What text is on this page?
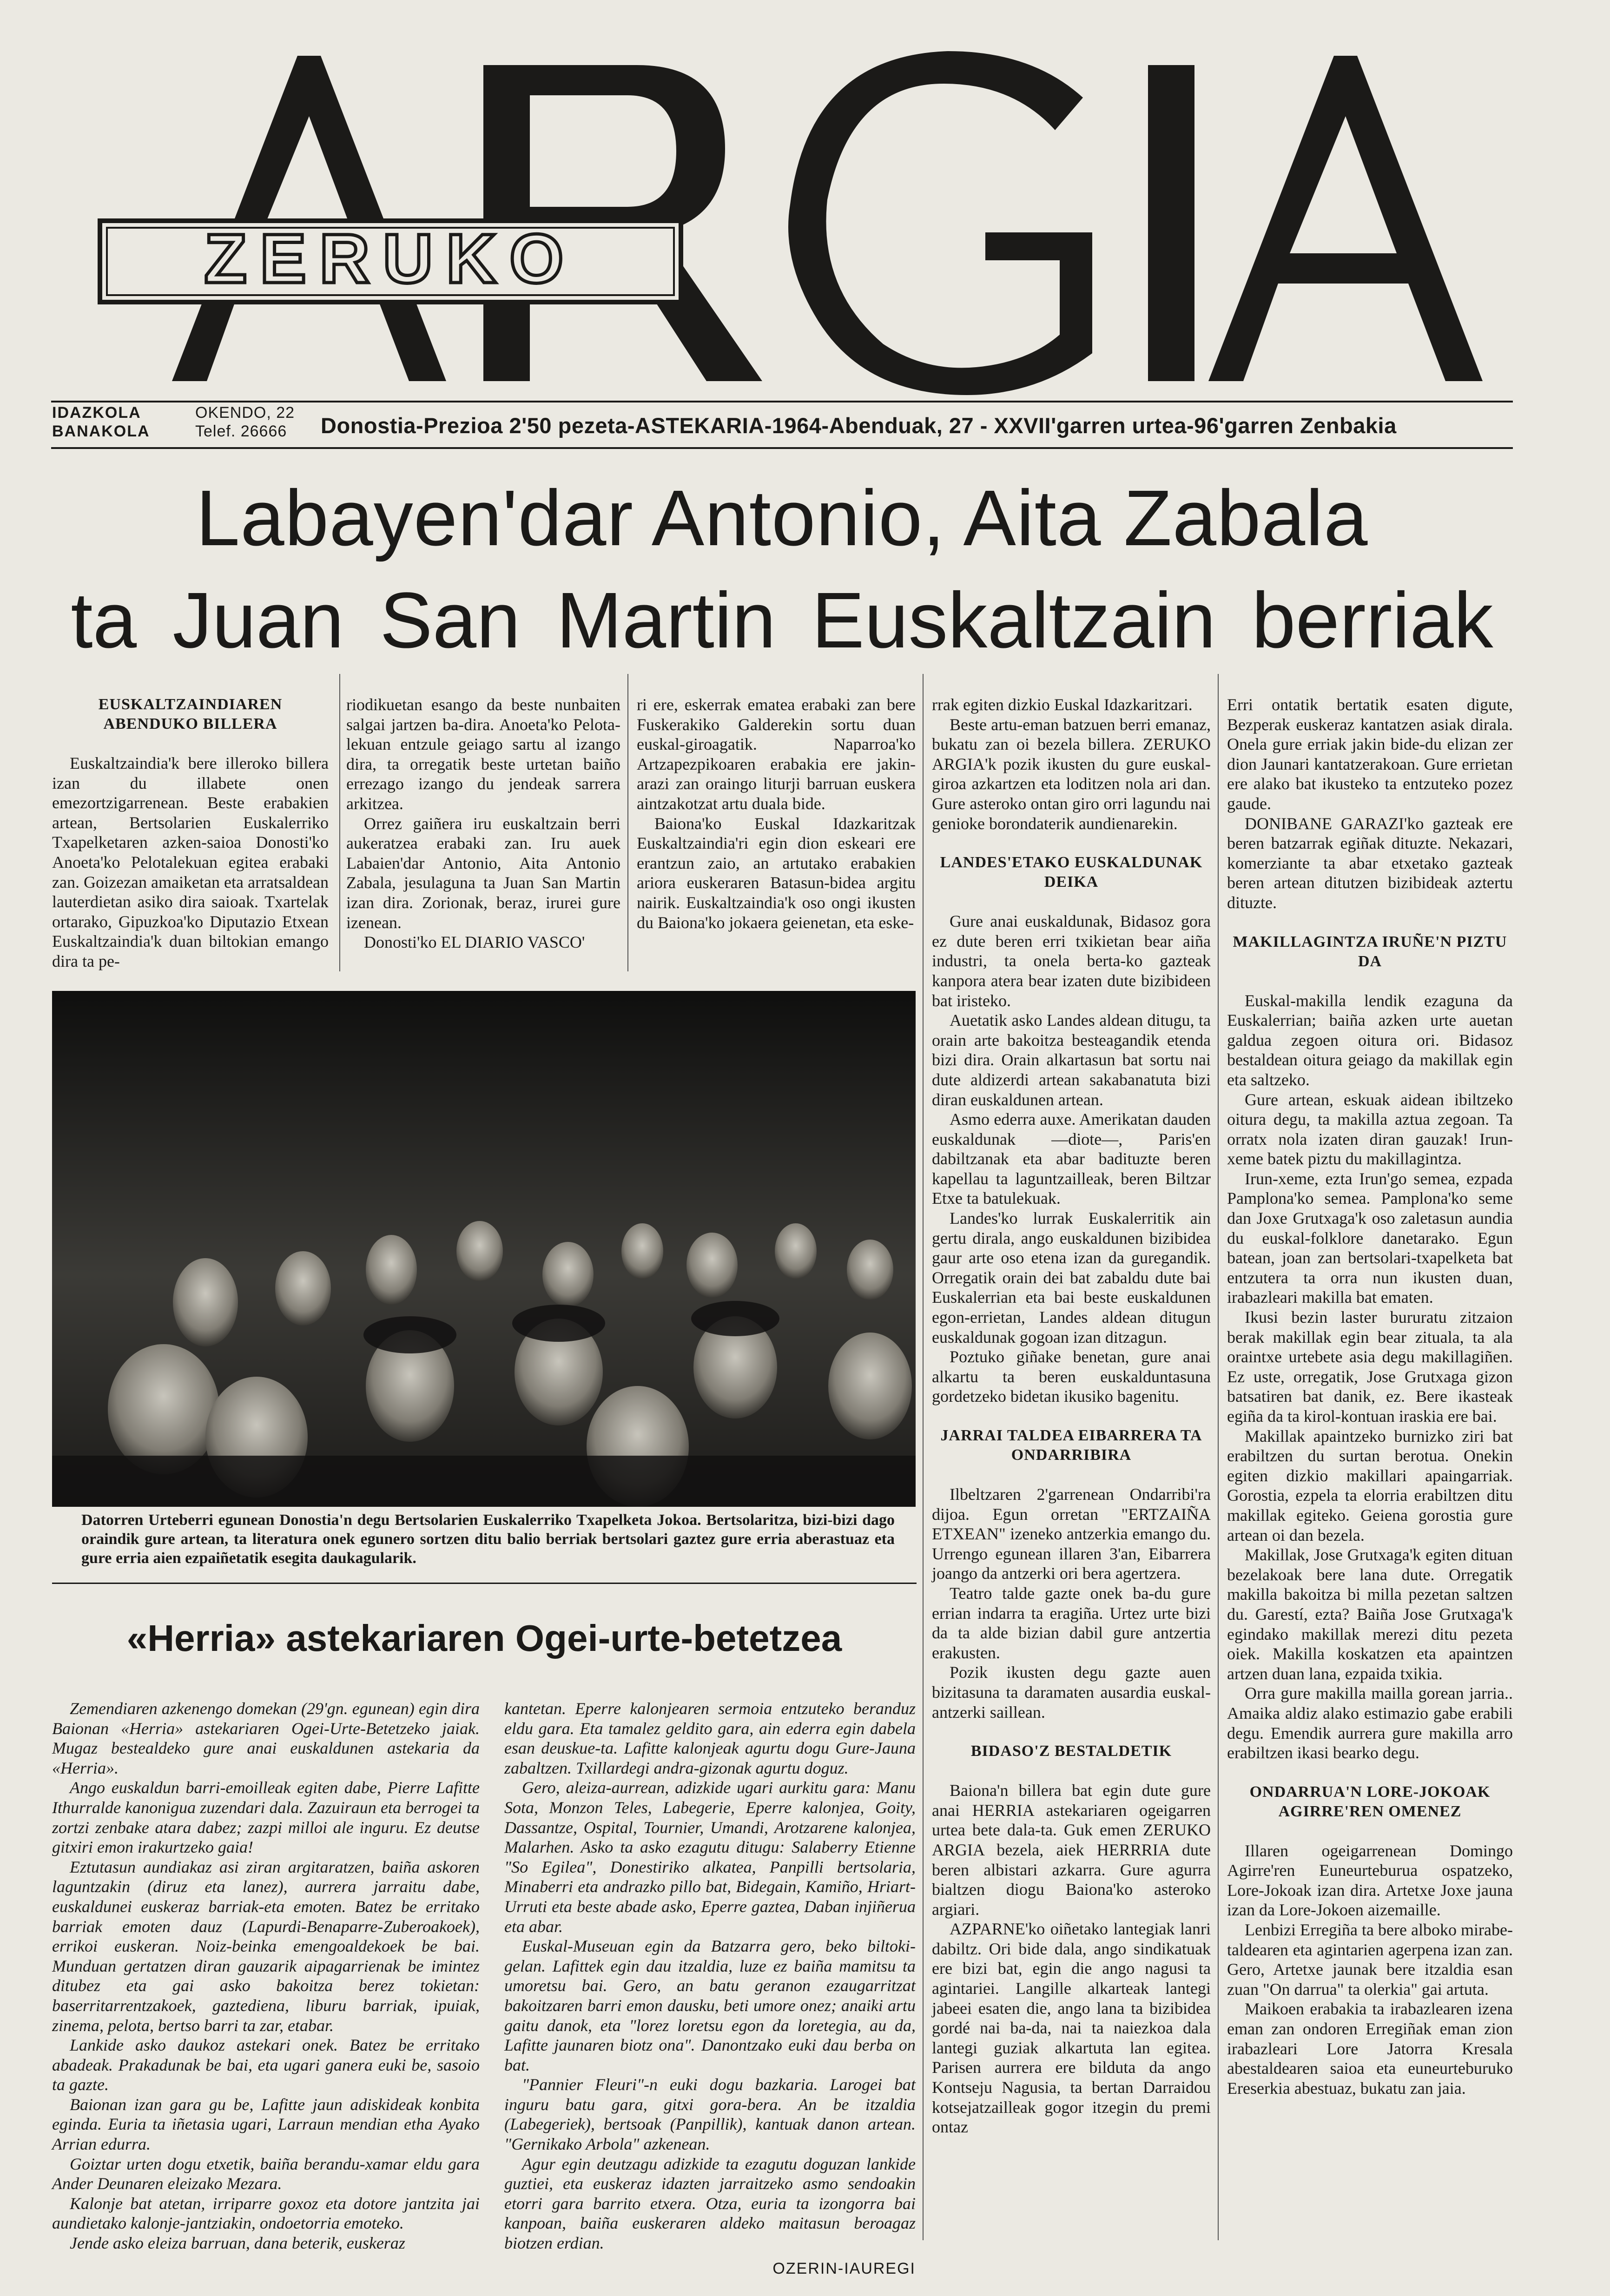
ZERUKO
IDAZKOLA
BANAKOLA
OKENDO, 22
Telef. 26666	Donostia-Prezioa 2'50 pezeta-ASTEKARIA-1964-Abenduak, 27 - XXVII'garren urtea-96'garren Zenbakia
Labayen'dar Antonio, Aita Zabala
ta Juan San Martin Euskaltzain berriak
EUSKALTZAINDIAREN ABENDUKO BILLERA

Euskaltzaindia'k bere illeroko billera izan du illabete onen emezortzigarrenean. Beste erabakien artean, Bertsolarien Euskalerriko Txapelketaren azken-saioa Donosti'ko Anoeta'ko Pelotalekuan egitea erabaki zan. Goizezan amaiketan eta arratsaldean lauterdietan asiko dira saioak. Txartelak ortarako, Gipuzkoa'ko Diputazio Etxean Euskaltzaindia'k duan biltokian emango dira ta pe-

riodikuetan esango da beste nunbaiten salgai jartzen ba-dira. Anoeta'ko Pelota-lekuan entzule geiago sartu al izango dira, ta orregatik beste urtetan baiño errezago izango du jendeak sarrera arkitzea.

Orrez gaiñera iru euskaltzain berri aukeratzea erabaki zan. Iru auek Labaien'dar Antonio, Aita Antonio Zabala, jesulaguna ta Juan San Martin izan dira. Zorionak, beraz, irurei gure izenean.

Donosti'ko EL DIARIO VASCO'

ri ere, eskerrak ematea erabaki zan bere Fuskerakiko Galderekin sortu duan euskal-giroagatik. Naparroa'ko Artzapezpikoaren erabakia ere jakin-arazi zan oraingo liturji barruan euskera aintzakotzat artu duala bide.

Baiona'ko Euskal Idazkaritzak Euskaltzaindia'ri egin dion eskeari ere erantzun zaio, an artutako erabakien ariora euskeraren Batasun-bidea argitu nairik. Euskaltzaindia'k oso ongi ikusten du Baiona'ko jokaera geienetan, eta eske-

Datorren Urteberri egunean Donostia'n degu Bertsolarien Euskalerriko Txapelketa Jokoa. Bertsolaritza, bizi-bizi dago oraindik gure artean, ta literatura onek egunero sortzen ditu balio berriak bertsolari gaztez gure erria aberastuaz eta gure erria aien ezpaiñetatik esegita daukagularik.
«Herria» astekariaren Ogei-urte-betetzea

Zemendiaren azkenengo domekan (29'gn. egunean) egin dira Baionan «Herria» astekariaren Ogei-Urte-Betetzeko jaiak. Mugaz bestealdeko gure anai euskaldunen astekaria da «Herria».

Ango euskaldun barri-emoilleak egiten dabe, Pierre Lafitte Ithurralde kanoniguа zuzendari dala. Zazuiraun eta berrogei ta zortzi zenbake atara dabez; zazpi milloi ale inguru. Ez deutse gitxiri emon irakurtzeko gaia!

Eztutasun aundiakaz asi ziran argitaratzen, baiña askoren laguntzakin (diruz eta lanez), aurrera jarraitu dabe, euskaldunei euskeraz barriak-eta emoten. Batez be erritako barriak emoten dauz (Lapurdi-Benaparre-Zuberoakoek), errikoi euskeran. Noiz-beinka emengoaldekoek be bai. Munduan gertatzen diran gauzarik aipagarrienak be imintez ditubez eta gai asko bakoitza berez tokietan: baserritarrentzakoek, gaztediena, liburu barriak, ipuiak, zinema, pelota, bertso barri ta zar, etabar.

Lankide asko daukoz astekari onek. Batez be erritako abadeak. Prakadunak be bai, eta ugari ganera euki be, sasoio ta gazte.

Baionan izan gara gu be, Lafitte jaun adiskideak konbita eginda. Euria ta iñetasia ugari, Larraun mendian etha Ayako Arrian edurra.

Goiztar urten dogu etxetik, baiña berandu-xamar eldu gara Ander Deunaren eleizako Mezara.

Kalonje bat atetan, irriparre goxoz eta dotore jantzita jai aundietako kalonje-jantziakin, ondoetorria emoteko.

Jende asko eleiza barruan, dana beterik, euskeraz

kantetan. Eperre kalonjearen sermoia entzuteko beranduz eldu gara. Eta tamalez geldito gara, ain ederra egin dabela esan deuskue-ta. Lafitte kalonjeak agurtu dogu Gure-Jauna zabaltzen. Txillardegi andra-gizonak agurtu doguz.

Gero, aleiza-aurrean, adizkide ugari aurkitu gara: Manu Sota, Monzon Teles, Labegerie, Eperre kalonjea, Goity, Dassantze, Ospital, Tournier, Umandi, Arotzarene kalonjea, Malarhen. Asko ta asko ezagutu ditugu: Salaberry Etienne "So Egilea", Donestiriko alkatea, Panpilli bertsolaria, Minaberri eta andrazko pillo bat, Bidegain, Kamiño, Hriart-Urruti eta beste abade asko, Eperre gaztea, Daban injiñerua eta abar.

Euskal-Museuan egin da Batzarra gero, beko biltoki-gelan. Lafittek egin dau itzaldia, luze ez baiña mamitsu ta umoretsu bai. Gero, an batu geranon ezaugarritzat bakoitzaren barri emon dausku, beti umore onez; anaiki artu gaitu danok, eta "lorez loretsu egon da loretegia, au da, Lafitte jaunaren biotz ona". Danontzako euki dau berba on bat.

"Pannier Fleuri"-n euki dogu bazkaria. Larogei bat inguru batu gara, gitxi gora-bera. An be itzaldia (Labegeriek), bertsoak (Panpillik), kantuak danon artean. "Gernikako Arbola" azkenean.

Agur egin deutzagu adizkide ta ezagutu doguzan lankide guztiei, eta euskeraz idazten jarraitzeko asmo sendoakin etorri gara barrito etxera. Otza, euria ta izongorra bai kanpoan, baiña euskeraren aldeko maitasun beroagaz biotzen erdian.

OZERIN-IAUREGI

rrak egiten dizkio Euskal Idazkaritzari.

Beste artu-eman batzuen berri emanaz, bukatu zan oi bezela billera. ZERUKO ARGIA'k pozik ikusten du gure euskal-giroa azkartzen eta loditzen nola ari dan. Gure asteroko ontan giro orri lagundu nai genioke borondaterik aundienarekin.

LANDES'ETAKO EUSKALDUNAK DEIKA

Gure anai euskaldunak, Bidasoz gora ez dute beren erri txikietan bear aiña industri, ta onela berta-ko gazteak kanpora atera bear izaten dute bizibideen bat iristeko.

Auetatik asko Landes aldean ditugu, ta orain arte bakoitza besteagandik etenda bizi dira. Orain alkartasun bat sortu nai dute aldizerdi artean sakabanatuta bizi diran euskaldunen artean.

Asmo ederra auxe. Amerikatan dauden euskaldunak —diote—, Paris'en dabiltzanak eta abar badituzte beren kapellau ta laguntzailleak, beren Biltzar Etxe ta batulekuak.

Landes'ko lurrak Euskalerritik ain gertu dirala, ango euskaldunen bizibidea gaur arte oso etena izan da guregandik. Orregatik orain dei bat zabaldu dute bai Euskalerrian eta bai beste euskaldunen egon-errietan, Landes aldean ditugun euskaldunak gogoan izan ditzagun.

Poztuko giñake benetan, gure anai alkartu ta beren euskalduntasuna gordetzeko bidetan ikusiko bagenitu.

JARRAI TALDEA EIBARRERA TA ONDARRIBIRA

Ilbeltzaren 2'garrenean Ondarribi'ra dijoa. Egun orretan "ERTZAIÑA ETXEAN" izeneko antzerkia emango du. Urrengo egunean illaren 3'an, Eibarrera joango da antzerki ori bera agertzera.

Teatro talde gazte onek ba-du gure errian indarra ta eragiña. Urtez urte bizi da ta alde bizian dabil gure antzertia erakusten.

Pozik ikusten degu gazte auen bizitasuna ta daramaten ausardia euskal-antzerki saillean.

BIDASO'Z BESTALDETIK

Baiona'n billera bat egin dute gure anai HERRIA astekariaren ogeigarren urtea bete dala-ta. Guk emen ZERUKO ARGIA bezela, aiek HERRRIA dute beren albistari azkarra. Gure agurra bialtzen diogu Baiona'ko asteroko argiari.

AZPARNE'ko oiñetako lantegiak lanri dabiltz. Ori bide dala, ango sindikatuak ere bizi bat, egin die ango nagusi ta agintariei. Langille alkarteak lantegi jabeei esaten die, ango lana ta bizibidea gordé nai ba-da, nai ta naiezkoa dala lantegi guziak alkartuta lan egitea. Parisen aurrera ere bilduta da ango Kontseju Nagusia, ta bertan Darraidou kotsejatzailleak gogor itzegin du premi ontaz

Erri ontatik bertatik esaten digute, Bezperak euskeraz kantatzen asiak dirala. Onela gure erriak jakin bide-du elizan zer dion Jaunari kantatzerakoan. Gure errietan ere alako bat ikusteko ta entzuteko pozez gaude.

DONIBANE GARAZI'ko gazteak ere beren batzarrak egiñak dituzte. Nekazari, komerziante ta abar etxetako gazteak beren artean ditutzen bizibideak aztertu dituzte.

MAKILLAGINTZA IRUÑE'N PIZTU DA

Euskal-makilla lendik ezaguna da Euskalerrian; baiña azken urte auetan galdua zegoen oitura ori. Bidasoz bestaldean oitura geiago da makillak egin eta saltzeko.

Gure artean, eskuak aidean ibiltzeko oitura degu, ta makilla aztua zegoan. Ta orratx nola izaten diran gauzak! Irun-xeme batek piztu du makillagintza.

Irun-xeme, ezta Irun'go semea, ezpada Pamplona'ko semea. Pamplona'ko seme dan Joxe Grutxaga'k oso zaletasun aundia du euskal-folklore danetarako. Egun batean, joan zan bertsolari-txapelketa bat entzutera ta orra nun ikusten duan, irabazleari makilla bat ematen.

Ikusi bezin laster bururatu zitzaion berak makillak egin bear zituala, ta ala oraintxe urtebete asia degu makillagiñen. Ez uste, orregatik, Jose Grutxaga gizon batsatiren bat danik, ez. Bere ikasteak egiña da ta kirol-kontuan iraskia ere bai.

Makillak apaintzeko burnizko ziri bat erabiltzen du surtan berotua. Onekin egiten dizkio makillari apaingarriak. Gorostia, ezpela ta elorria erabiltzen ditu makillak egiteko. Geiena gorostia gure artean oi dan bezela.

Makillak, Jose Grutxaga'k egiten dituan bezelakoak bere lana dute. Orregatik makilla bakoitza bi milla pezetan saltzen du. Garestí, ezta? Baiña Jose Grutxaga'k egindako makillak merezi ditu pezeta oiek. Makilla koskatzen eta apaintzen artzen duan lana, ezpaida txikia.

Orra gure makilla mailla gorean jarria.. Amaika aldiz alako estimazio gabe erabili degu. Emendik aurrera gure makilla arro erabiltzen ikasi bearko degu.

ONDARRUA'N LORE-JOKOAK AGIRRE'REN OMENEZ

Illaren ogeigarrenean Domingo Agirre'ren Euneurteburua ospatzeko, Lore-Jokoak izan dira. Artetxe Joxe jauna izan da Lore-Jokoen aizemaille.

Lenbizi Erregiña ta bere alboko mirabe-taldearen eta agintarien agerpena izan zan. Gero, Artetxe jaunak bere itzaldia esan zuan "On darrua" ta olerkia" gai artuta.

Maikoen erabakia ta irabazlearen izena eman zan ondoren Erregiñak eman zion irabazleari Lore Jatorra Kresala abestaldearen saioa eta euneurteburuko Ereserkia abestuaz, bukatu zan jaia.
